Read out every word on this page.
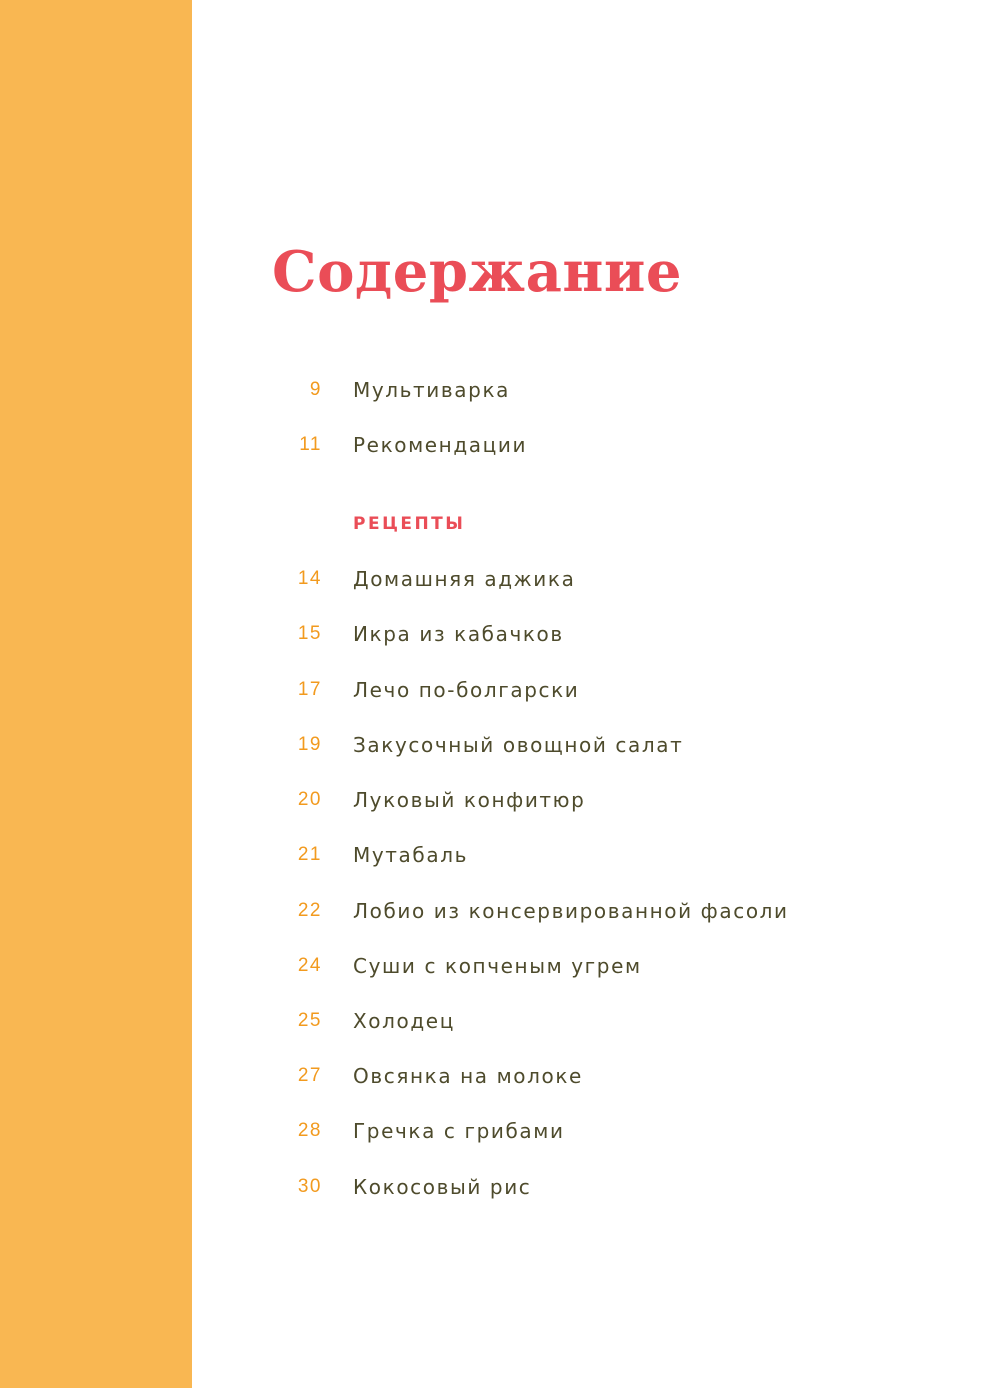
Содержание
9 Мультиварка
11 Рекомендации
РЕЦЕПТЫ
14 Домашняя аджика
15 Икра из кабачков
17 Лечо по-болгарски
19 Закусочный овощной салат
20 Луковый конфитюр
21 Мутабаль
22 Лобио из консервированной фасоли
24 Суши с копченым угрем
25 Холодец
27 Овсянка на молоке
28 Гречка с грибами
30 Кокосовый рис
